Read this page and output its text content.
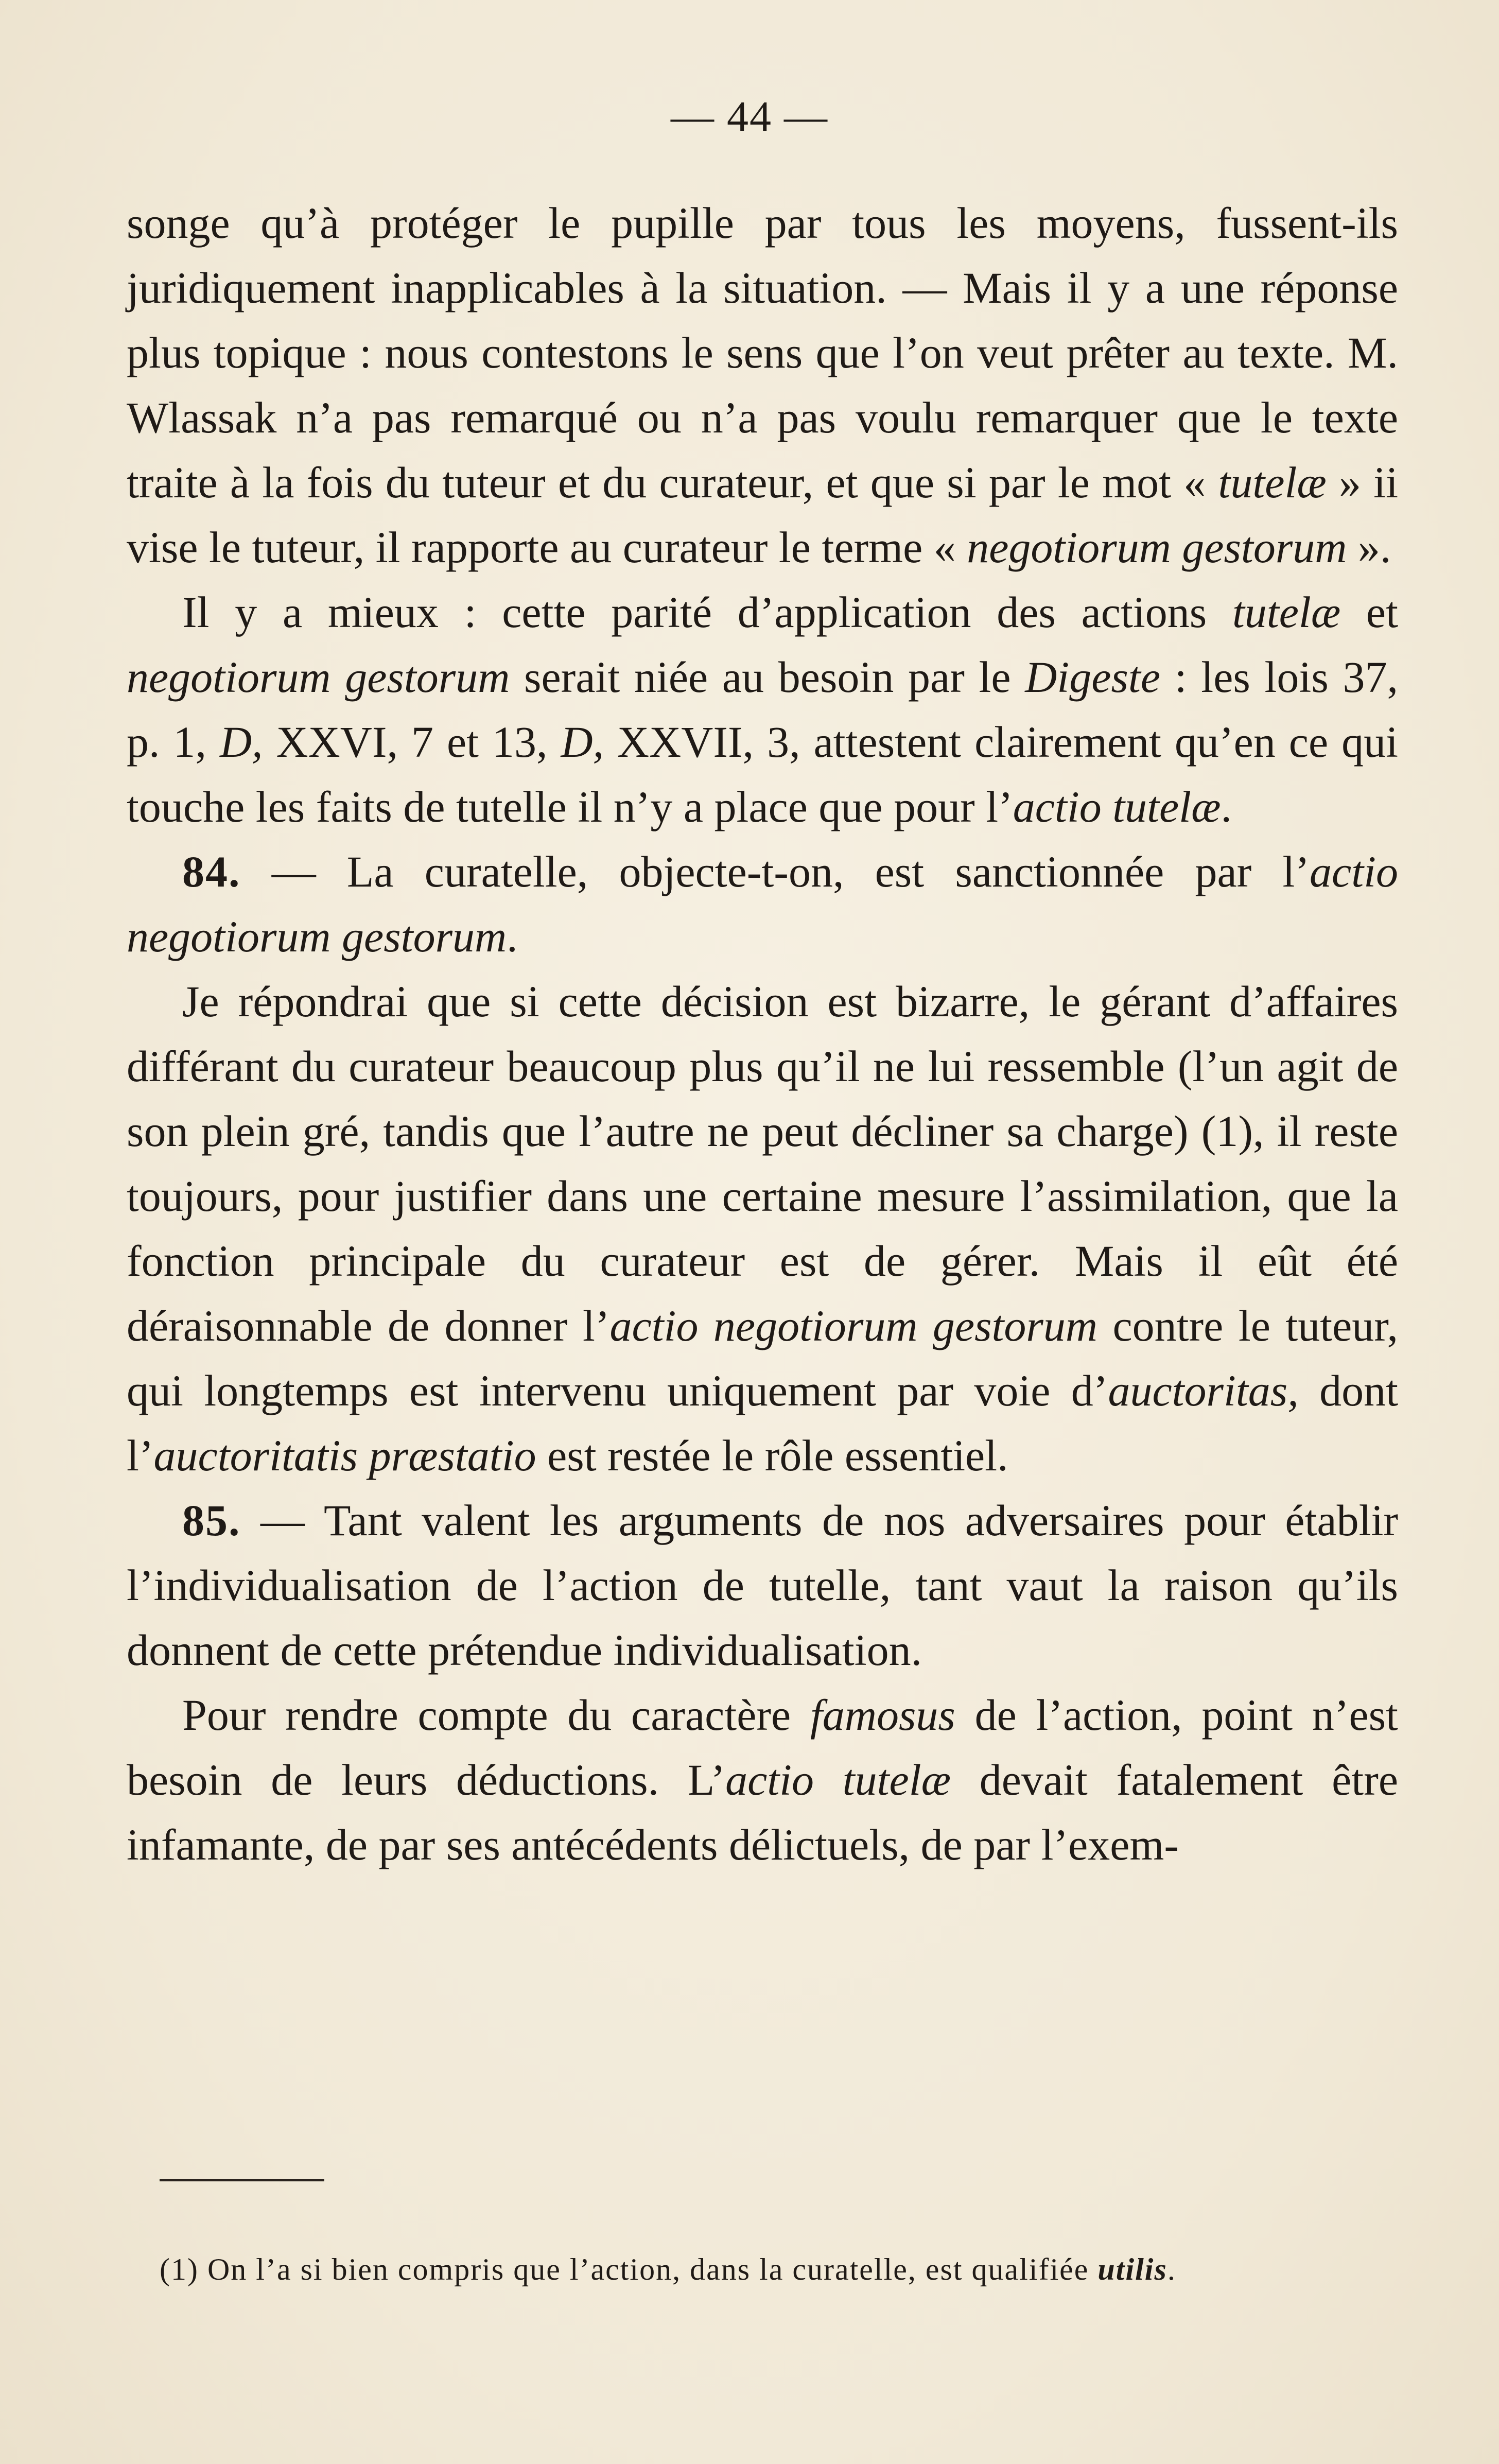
— 44 —

songe qu’à protéger le pupille par tous les moyens, fussent-ils juridiquement inapplicables à la situation. — Mais il y a une réponse plus topique : nous contestons le sens que l’on veut prêter au texte. M. Wlassak n’a pas remarqué ou n’a pas voulu remarquer que le texte traite à la fois du tuteur et du curateur, et que si par le mot « tutelæ » ii vise le tuteur, il rapporte au curateur le terme « negotiorum gestorum ».

Il y a mieux : cette parité d’application des actions tutelæ et negotiorum gestorum serait niée au besoin par le Digeste : les lois 37, p. 1, D, XXVI, 7 et 13, D, XXVII, 3, attestent clairement qu’en ce qui touche les faits de tutelle il n’y a place que pour l’actio tutelæ.

84. — La curatelle, objecte-t-on, est sanctionnée par l’actio negotiorum gestorum.

Je répondrai que si cette décision est bizarre, le gérant d’affaires différant du curateur beaucoup plus qu’il ne lui ressemble (l’un agit de son plein gré, tandis que l’autre ne peut décliner sa charge) (1), il reste toujours, pour justifier dans une certaine mesure l’assimilation, que la fonction principale du curateur est de gérer. Mais il eût été déraisonnable de donner l’actio negotiorum gestorum contre le tuteur, qui longtemps est intervenu uniquement par voie d’auctoritas, dont l’auctoritatis præstatio est restée le rôle essentiel.

85. — Tant valent les arguments de nos adversaires pour établir l’individualisation de l’action de tutelle, tant vaut la raison qu’ils donnent de cette prétendue individualisation.

Pour rendre compte du caractère famosus de l’action, point n’est besoin de leurs déductions. L’actio tutelæ devait fatalement être infamante, de par ses antécédents délictuels, de par l’exem-

(1) On l’a si bien compris que l’action, dans la curatelle, est qualifiée utilis.
